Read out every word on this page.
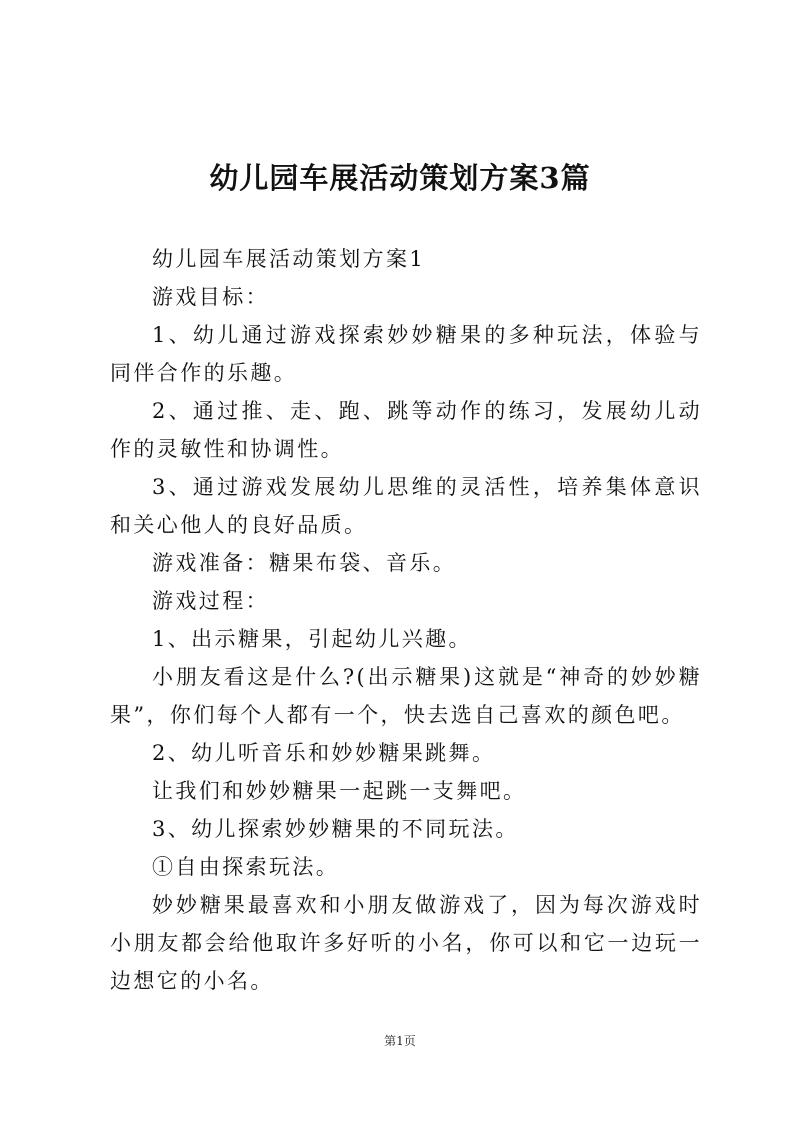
幼儿园车展活动策划方案3篇

幼儿园车展活动策划方案1

游戏目标：

1、幼儿通过游戏探索妙妙糖果的多种玩法，体验与同伴合作的乐趣。

2、通过推、走、跑、跳等动作的练习，发展幼儿动作的灵敏性和协调性。

3、通过游戏发展幼儿思维的灵活性，培养集体意识和关心他人的良好品质。

游戏准备：糖果布袋、音乐。

游戏过程：

1、出示糖果，引起幼儿兴趣。

小朋友看这是什么?(出示糖果)这就是“神奇的妙妙糖果”，你们每个人都有一个，快去选自己喜欢的颜色吧。

2、幼儿听音乐和妙妙糖果跳舞。

让我们和妙妙糖果一起跳一支舞吧。

3、幼儿探索妙妙糖果的不同玩法。

①自由探索玩法。

妙妙糖果最喜欢和小朋友做游戏了，因为每次游戏时小朋友都会给他取许多好听的小名，你可以和它一边玩一边想它的小名。

第1页
